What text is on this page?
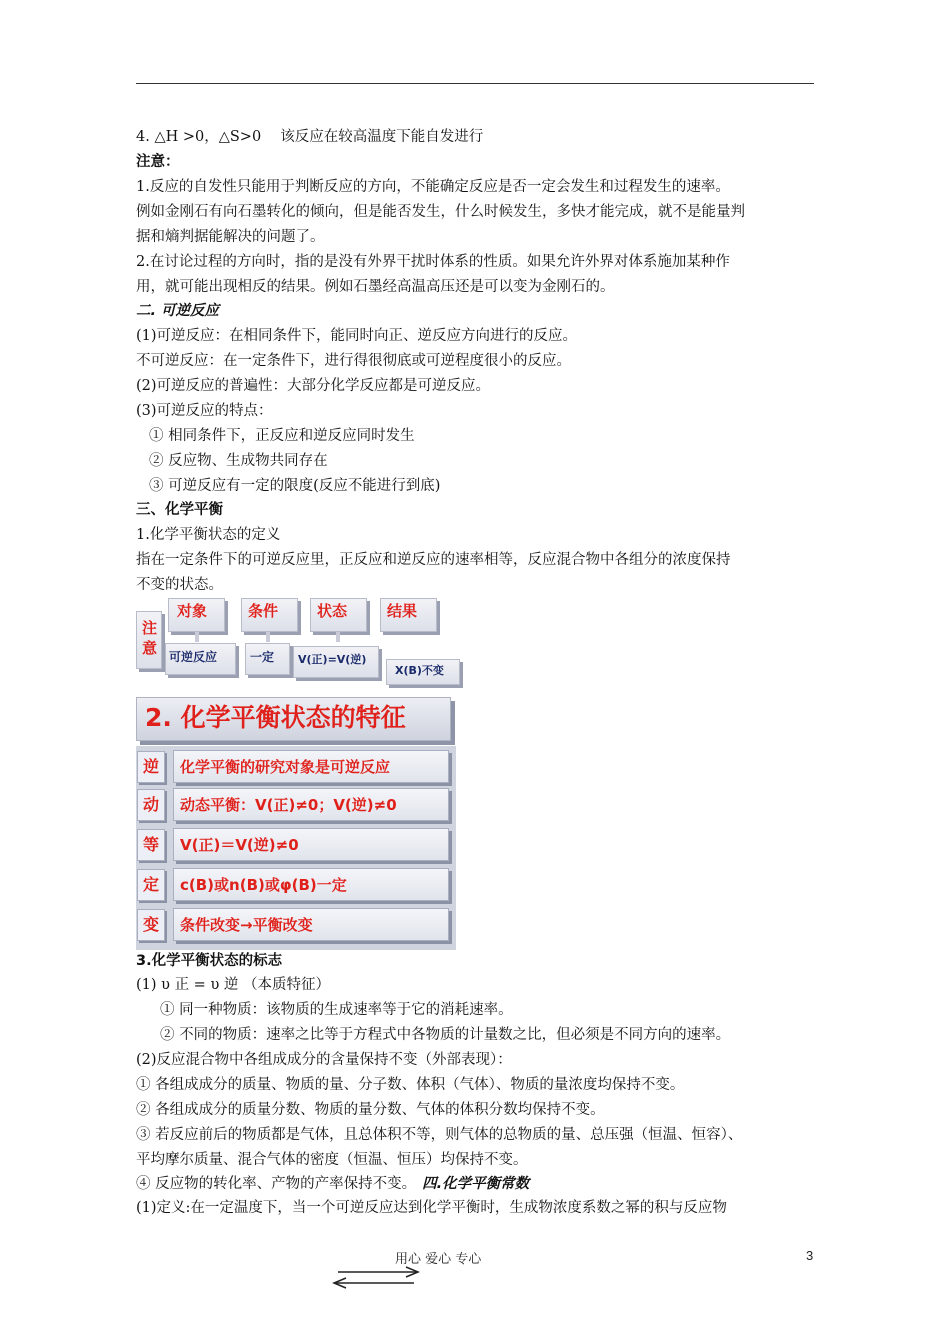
4. △H >0，△S>0　 该反应在较高温度下能自发进行
注意：
1.反应的自发性只能用于判断反应的方向，不能确定反应是否一定会发生和过程发生的速率。
例如金刚石有向石墨转化的倾向，但是能否发生，什么时候发生，多快才能完成，就不是能量判
据和熵判据能解决的问题了。
2.在讨论过程的方向时，指的是没有外界干扰时体系的性质。如果允许外界对体系施加某种作
用，就可能出现相反的结果。例如石墨经高温高压还是可以变为金刚石的。
二. 可逆反应
(1)可逆反应：在相同条件下，能同时向正、逆反应方向进行的反应。
不可逆反应：在一定条件下，进行得很彻底或可逆程度很小的反应。
(2)可逆反应的普遍性：大部分化学反应都是可逆反应。
(3)可逆反应的特点：
① 相同条件下，正反应和逆反应同时发生
② 反应物、生成物共同存在
③ 可逆反应有一定的限度(反应不能进行到底)
三、化学平衡
1.化学平衡状态的定义
指在一定条件下的可逆反应里，正反应和逆反应的速率相等，反应混合物中各组分的浓度保持
不变的状态。
注意
对象	条件	状态	结果
可逆反应	一定	V(正)=V(逆)
X(B)不变
2. 化学平衡状态的特征
逆	化学平衡的研究对象是可逆反应
动	动态平衡：V(正)≠0；V(逆)≠0
等	V(正)＝V(逆)≠0
定	c(B)或n(B)或φ(B)一定
变	条件改变→平衡改变
3.化学平衡状态的标志
(1) υ 正 = υ 逆 （本质特征）
① 同一种物质：该物质的生成速率等于它的消耗速率。
② 不同的物质：速率之比等于方程式中各物质的计量数之比，但必须是不同方向的速率。
(2)反应混合物中各组成成分的含量保持不变（外部表现）：
① 各组成成分的质量、物质的量、分子数、体积（气体）、物质的量浓度均保持不变。
② 各组成成分的质量分数、物质的量分数、气体的体积分数均保持不变。
③ 若反应前后的物质都是气体，且总体积不等，则气体的总物质的量、总压强（恒温、恒容）、
平均摩尔质量、混合气体的密度（恒温、恒压）均保持不变。
④ 反应物的转化率、产物的产率保持不变。 四.化学平衡常数
(1)定义:在一定温度下，当一个可逆反应达到化学平衡时，生成物浓度系数之幂的积与反应物
用心 爱心 专心	3
